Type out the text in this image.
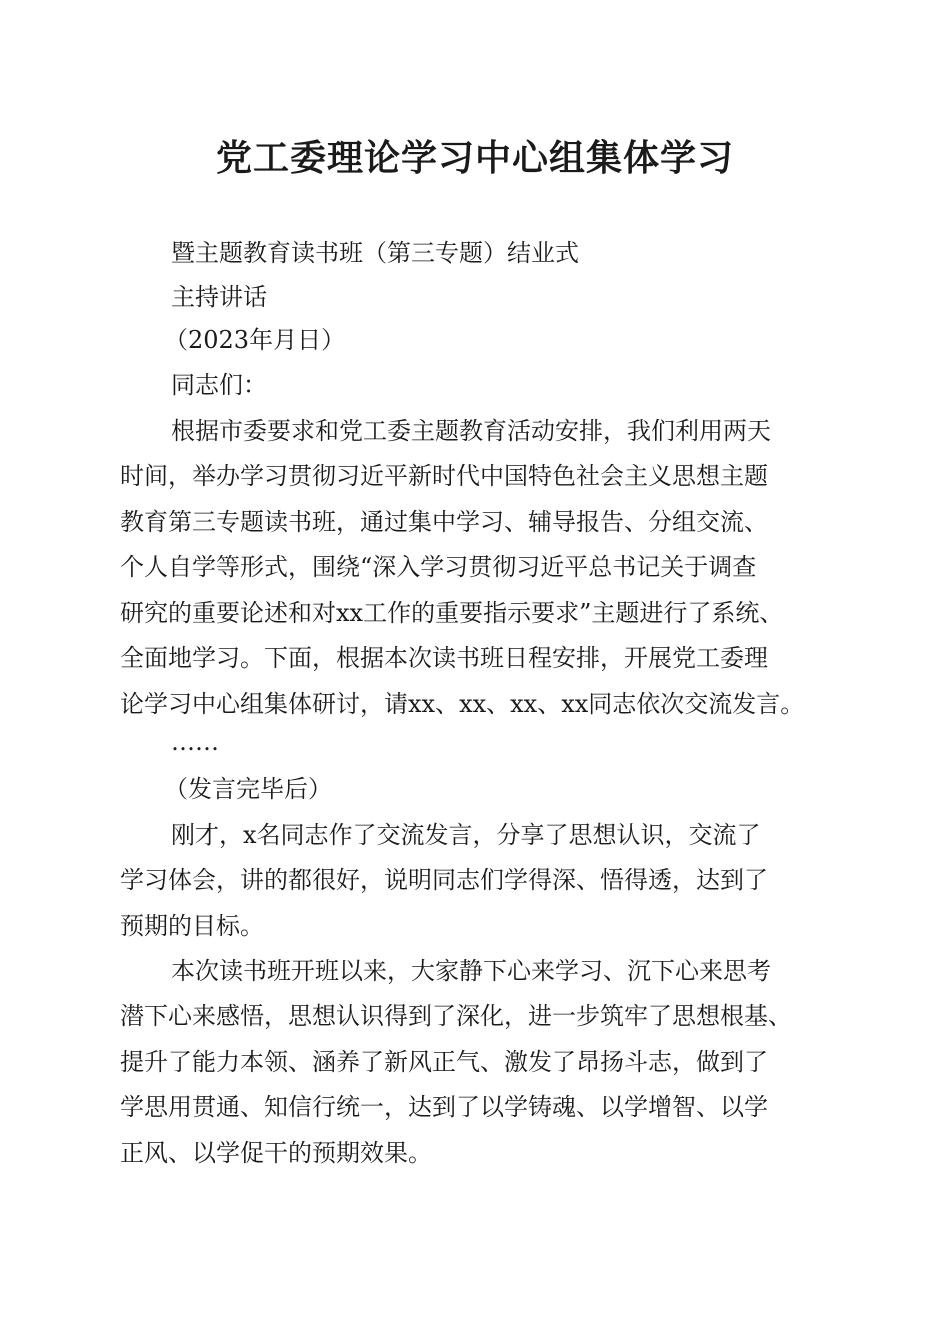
党工委理论学习中心组集体学习

暨主题教育读书班（第三专题）结业式

主持讲话

（2023年月日）

同志们：

根据市委要求和党工委主题教育活动安排，我们利用两天

时间，举办学习贯彻习近平新时代中国特色社会主义思想主题

教育第三专题读书班，通过集中学习、辅导报告、分组交流、

个人自学等形式，围绕“深入学习贯彻习近平总书记关于调查

研究的重要论述和对xx工作的重要指示要求”主题进行了系统、

全面地学习。下面，根据本次读书班日程安排，开展党工委理

论学习中心组集体研讨，请xx、xx、xx、xx同志依次交流发言。

……

（发言完毕后）

刚才，x名同志作了交流发言，分享了思想认识，交流了

学习体会，讲的都很好，说明同志们学得深、悟得透，达到了

预期的目标。

本次读书班开班以来，大家静下心来学习、沉下心来思考

潜下心来感悟，思想认识得到了深化，进一步筑牢了思想根基、

提升了能力本领、涵养了新风正气、激发了昂扬斗志，做到了

学思用贯通、知信行统一，达到了以学铸魂、以学增智、以学

正风、以学促干的预期效果。
